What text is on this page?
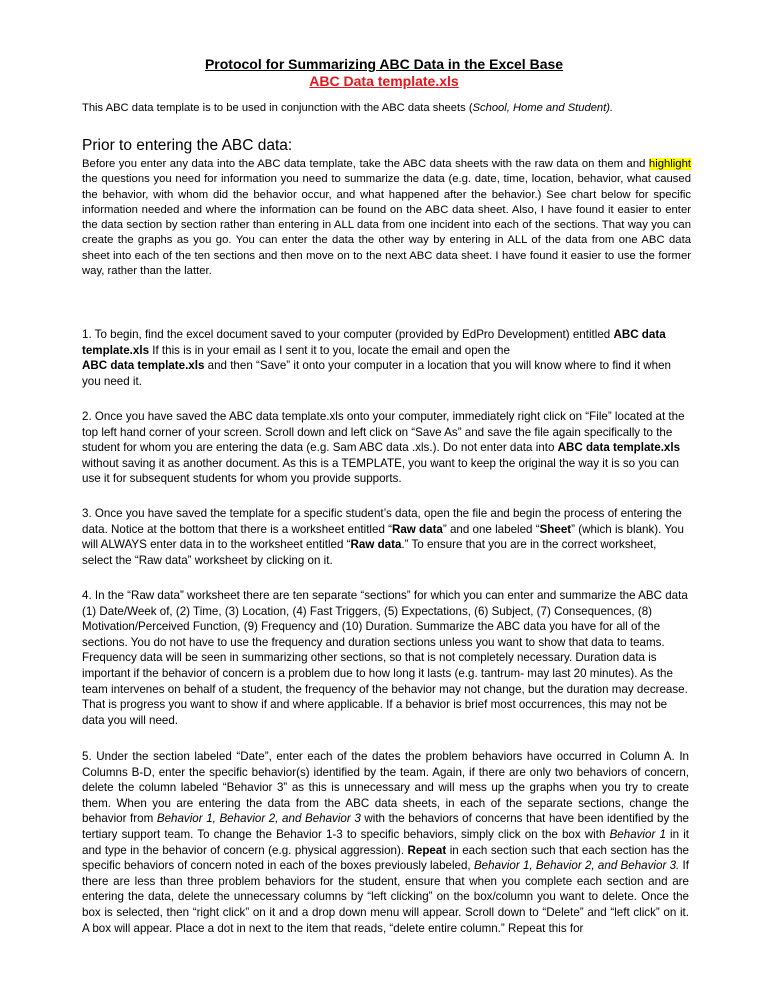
Protocol for Summarizing ABC Data in the Excel Base
ABC Data template.xls
This ABC data template is to be used in conjunction with the ABC data sheets (School, Home and Student).
Prior to entering the ABC data:
Before you enter any data into the ABC data template, take the ABC data sheets with the raw data on them and highlight the questions you need for information you need to summarize the data (e.g. date, time, location, behavior, what caused the behavior, with whom did the behavior occur, and what happened after the behavior.) See chart below for specific information needed and where the information can be found on the ABC data sheet. Also, I have found it easier to enter the data section by section rather than entering in ALL data from one incident into each of the sections. That way you can create the graphs as you go. You can enter the data the other way by entering in ALL of the data from one ABC data sheet into each of the ten sections and then move on to the next ABC data sheet. I have found it easier to use the former way, rather than the latter.
1. To begin, find the excel document saved to your computer (provided by EdPro Development) entitled ABC data template.xls If this is in your email as I sent it to you, locate the email and open the
ABC data template.xls and then “Save” it onto your computer in a location that you will know where to find it when you need it.
2. Once you have saved the ABC data template.xls onto your computer, immediately right click on “File” located at the top left hand corner of your screen. Scroll down and left click on “Save As” and save the file again specifically to the student for whom you are entering the data (e.g. Sam ABC data .xls.). Do not enter data into ABC data template.xls without saving it as another document. As this is a TEMPLATE, you want to keep the original the way it is so you can use it for subsequent students for whom you provide supports.
3. Once you have saved the template for a specific student’s data, open the file and begin the process of entering the data. Notice at the bottom that there is a worksheet entitled “Raw data” and one labeled “Sheet” (which is blank). You will ALWAYS enter data in to the worksheet entitled “Raw data.” To ensure that you are in the correct worksheet, select the “Raw data” worksheet by clicking on it.
4. In the “Raw data” worksheet there are ten separate “sections” for which you can enter and summarize the ABC data (1) Date/Week of, (2) Time, (3) Location, (4) Fast Triggers, (5) Expectations, (6) Subject, (7) Consequences, (8) Motivation/Perceived Function, (9) Frequency and (10) Duration. Summarize the ABC data you have for all of the sections. You do not have to use the frequency and duration sections unless you want to show that data to teams. Frequency data will be seen in summarizing other sections, so that is not completely necessary. Duration data is important if the behavior of concern is a problem due to how long it lasts (e.g. tantrum- may last 20 minutes). As the team intervenes on behalf of a student, the frequency of the behavior may not change, but the duration may decrease. That is progress you want to show if and where applicable. If a behavior is brief most occurrences, this may not be data you will need.
5. Under the section labeled “Date”, enter each of the dates the problem behaviors have occurred in Column A. In Columns B-D, enter the specific behavior(s) identified by the team. Again, if there are only two behaviors of concern, delete the column labeled “Behavior 3” as this is unnecessary and will mess up the graphs when you try to create them. When you are entering the data from the ABC data sheets, in each of the separate sections, change the behavior from Behavior 1, Behavior 2, and Behavior 3 with the behaviors of concerns that have been identified by the tertiary support team. To change the Behavior 1-3 to specific behaviors, simply click on the box with Behavior 1 in it and type in the behavior of concern (e.g. physical aggression). Repeat in each section such that each section has the specific behaviors of concern noted in each of the boxes previously labeled, Behavior 1, Behavior 2, and Behavior 3. If there are less than three problem behaviors for the student, ensure that when you complete each section and are entering the data, delete the unnecessary columns by “left clicking” on the box/column you want to delete. Once the box is selected, then “right click” on it and a drop down menu will appear. Scroll down to “Delete” and “left click” on it. A box will appear. Place a dot in next to the item that reads, “delete entire column.” Repeat this for
